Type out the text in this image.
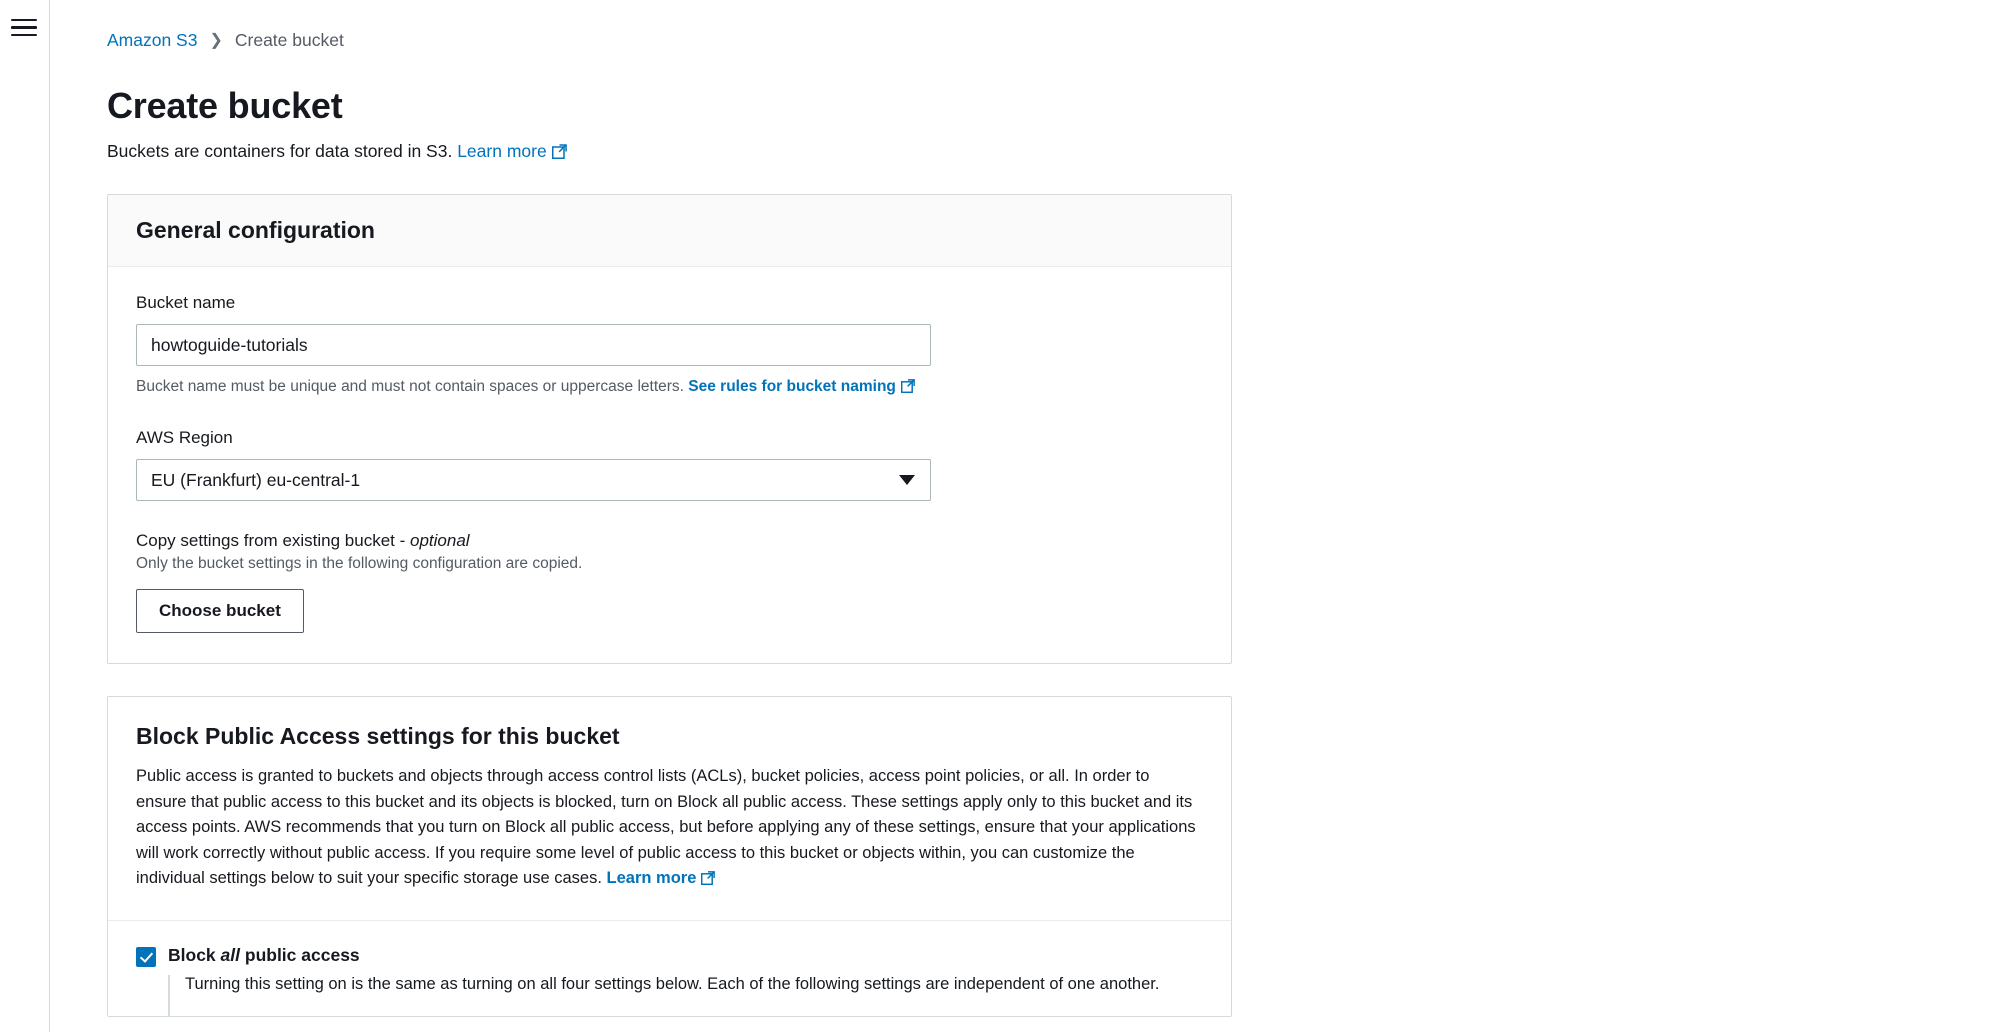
Amazon S3 ❯ Create bucket
Create bucket
Buckets are containers for data stored in S3. Learn more
General configuration
Bucket name
howtoguide-tutorials

Bucket name must be unique and must not contain spaces or uppercase letters. See rules for bucket naming

AWS Region
EU (Frankfurt) eu-central-1
Copy settings from existing bucket - optional
Only the bucket settings in the following configuration are copied.
Choose bucket
Block Public Access settings for this bucket

Public access is granted to buckets and objects through access control lists (ACLs), bucket policies, access point policies, or all. In order to ensure that public access to this bucket and its objects is blocked, turn on Block all public access. These settings apply only to this bucket and its access points. AWS recommends that you turn on Block all public access, but before applying any of these settings, ensure that your applications will work correctly without public access. If you require some level of public access to this bucket or objects within, you can customize the individual settings below to suit your specific storage use cases. Learn more

Block all public access
Turning this setting on is the same as turning on all four settings below. Each of the following settings are independent of one another.
